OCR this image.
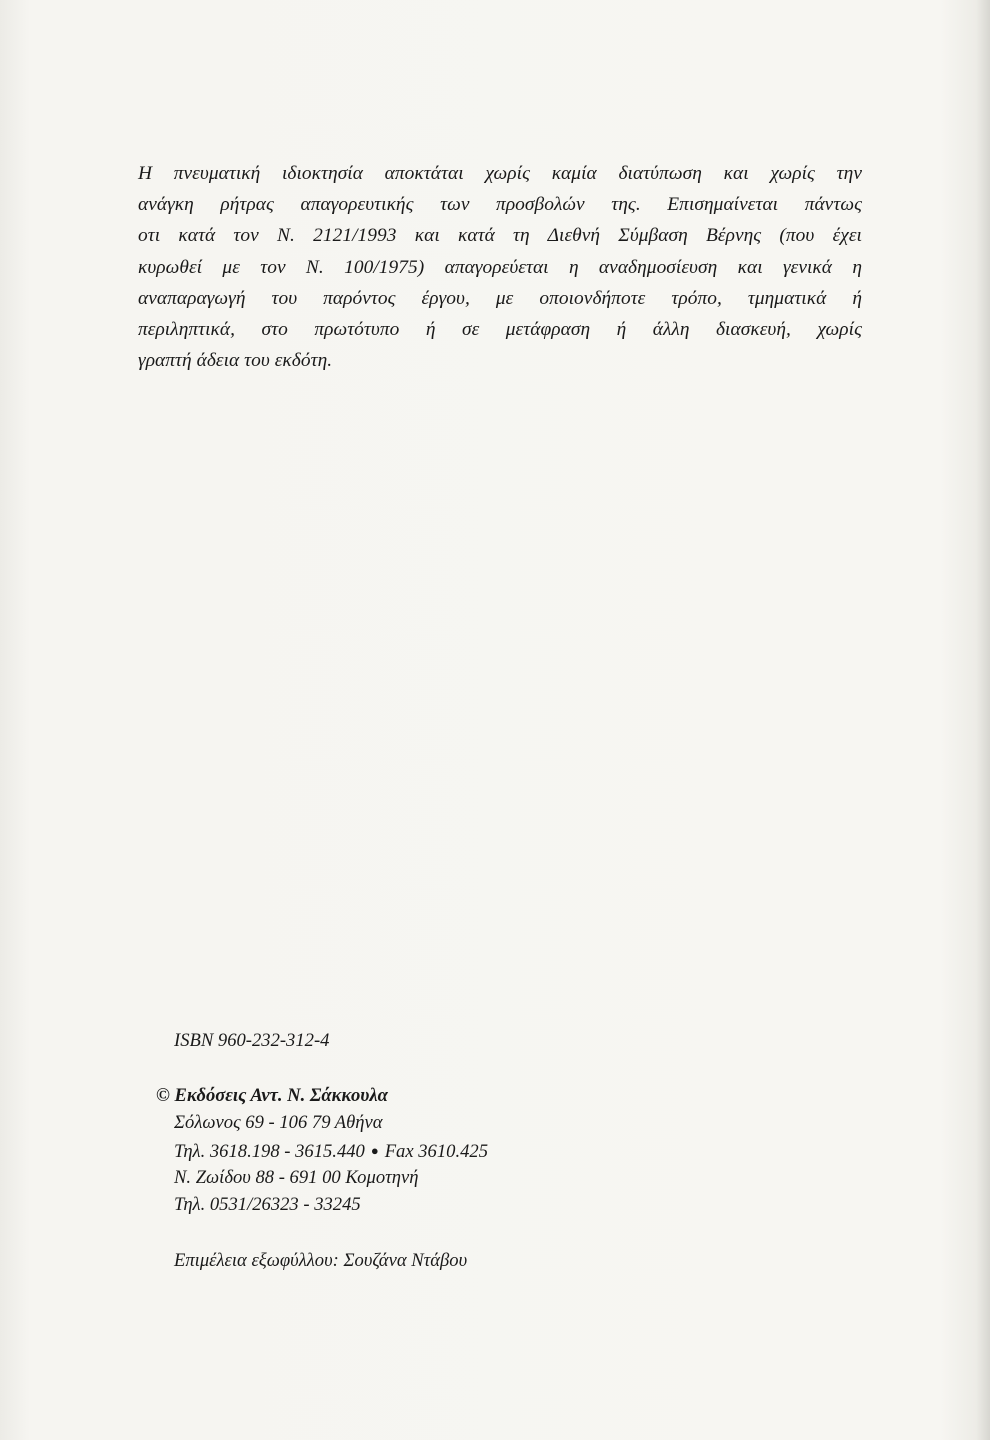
Η πνευματική ιδιοκτησία αποκτάται χωρίς καμία διατύπωση και χωρίς την
ανάγκη ρήτρας απαγορευτικής των προσβολών της. Επισημαίνεται πάντως
οτι κατά τον Ν. 2121/1993 και κατά τη Διεθνή Σύμβαση Βέρνης (που έχει
κυρωθεί με τον Ν. 100/1975) απαγορεύεται η αναδημοσίευση και γενικά η
αναπαραγωγή του παρόντος έργου, με οποιονδήποτε τρόπο, τμηματικά ή
περιληπτικά, στο πρωτότυπο ή σε μετάφραση ή άλλη διασκευή, χωρίς
γραπτή άδεια του εκδότη.
ISBN 960-232-312-4
© Εκδόσεις Αντ. Ν. Σάκκουλα
Σόλωνος 69 - 106 79 Αθήνα
Τηλ. 3618.198 - 3615.440 ● Fax 3610.425
Ν. Ζωίδου 88 - 691 00 Κομοτηνή
Τηλ. 0531/26323 - 33245
Επιμέλεια εξωφύλλου: Σουζάνα Ντάβου
